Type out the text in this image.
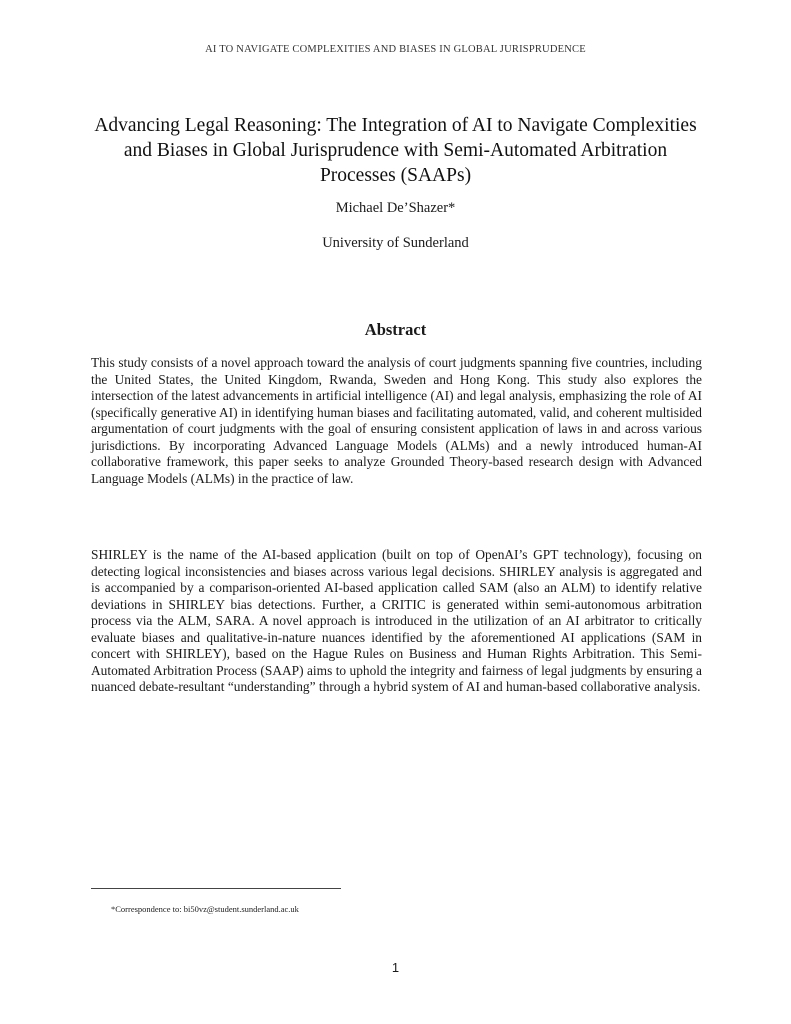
AI TO NAVIGATE COMPLEXITIES AND BIASES IN GLOBAL JURISPRUDENCE
Advancing Legal Reasoning: The Integration of AI to Navigate Complexities and Biases in Global Jurisprudence with Semi-Automated Arbitration Processes (SAAPs)
Michael De’Shazer*
University of Sunderland
Abstract
This study consists of a novel approach toward the analysis of court judgments spanning five countries, including the United States, the United Kingdom, Rwanda, Sweden and Hong Kong. This study also explores the intersection of the latest advancements in artificial intelligence (AI) and legal analysis, emphasizing the role of AI (specifically generative AI) in identifying human biases and facilitating automated, valid, and coherent multisided argumentation of court judgments with the goal of ensuring consistent application of laws in and across various jurisdictions. By incorporating Advanced Language Models (ALMs) and a newly introduced human-AI collaborative framework, this paper seeks to analyze Grounded Theory-based research design with Advanced Language Models (ALMs) in the practice of law.
SHIRLEY is the name of the AI-based application (built on top of OpenAI’s GPT technology), focusing on detecting logical inconsistencies and biases across various legal decisions. SHIRLEY analysis is aggregated and is accompanied by a comparison-oriented AI-based application called SAM (also an ALM) to identify relative deviations in SHIRLEY bias detections. Further, a CRITIC is generated within semi-autonomous arbitration process via the ALM, SARA. A novel approach is introduced in the utilization of an AI arbitrator to critically evaluate biases and qualitative-in-nature nuances identified by the aforementioned AI applications (SAM in concert with SHIRLEY), based on the Hague Rules on Business and Human Rights Arbitration. This Semi-Automated Arbitration Process (SAAP) aims to uphold the integrity and fairness of legal judgments by ensuring a nuanced debate-resultant “understanding” through a hybrid system of AI and human-based collaborative analysis.
*Correspondence to: bi50vz@student.sunderland.ac.uk
1
